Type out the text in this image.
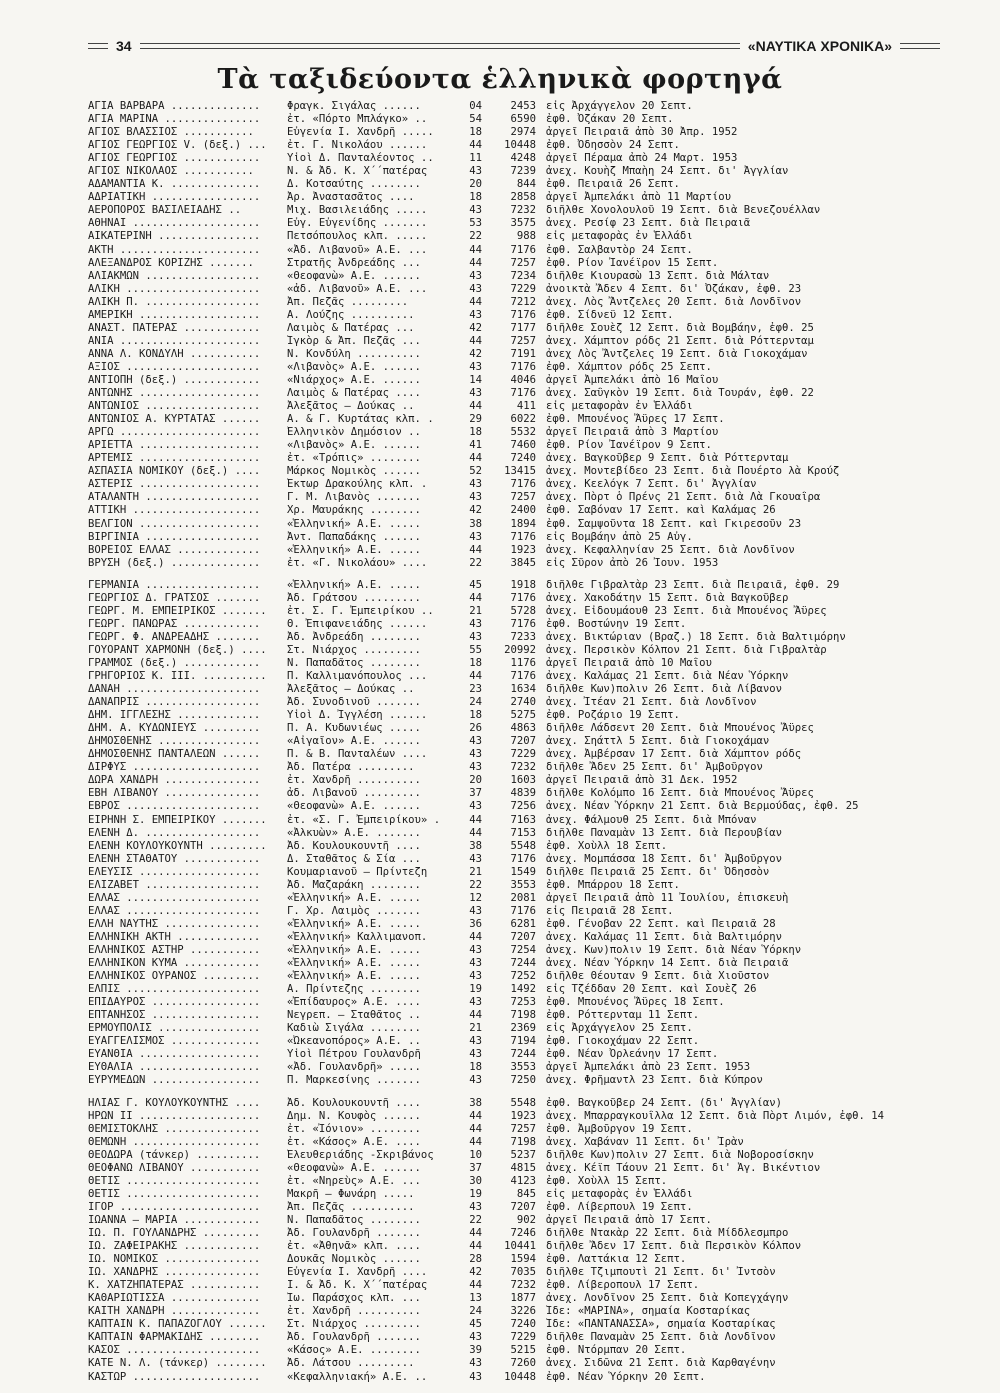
34	«ΝΑΥΤΙΚΑ ΧΡΟΝΙΚΑ»
Τὰ ταξιδεύοντα ἑλληνικὰ φορτηγά
ΑΓΙΑ ΒΑΡΒΑΡΑ ..............	Φραγκ. Σιγάλας ......	04	2453 εἰς Ἀρχάγγελον 20 Σεπτ.
ΑΓΙΑ ΜΑΡΙΝΑ ...............	ἐτ. «Πόρτο Μπλάγκο» ..	54	6590 ἐφθ. Ὀζάκαν 20 Σεπτ.
ΑΓΙΟΣ ΒΛΑΣΣΙΟΣ ...........	Εὐγενία Ι. Χανδρῆ .....	18	2974 ἀργεῖ Πειραιᾶ ἀπὸ 30 Ἀπρ. 1952
ΑΓΙΟΣ ΓΕΩΡΓΙΟΣ V. (δεξ.) ...	ἐτ. Γ. Νικολάου ......	44	10448 ἐφθ. Ὀδησσὸν 24 Σεπτ.
ΑΓΙΟΣ ΓΕΩΡΓΙΟΣ ............	Υἱοὶ Δ. Πανταλέοντος ..	11	4248 ἀργεῖ Πέραμα ἀπὸ 24 Μαρτ. 1953
ΑΓΙΟΣ ΝΙΚΟΛΑΟΣ ...........	Ν. & Ἀδ. Κ. Χ΄΄πατέρας	43	7239 ἀνεχ. Κουὴζ Μπαὴη 24 Σεπτ. δι' Ἀγγλίαν
ΑΔΑΜΑΝΤΙΑ Κ. ..............	Δ. Κοτσαύτης ........	20	844 ἐφθ. Πειραιᾶ 26 Σεπτ.
ΑΔΡΙΑΤΙΚΗ .................	Ἀρ. Ἀναστασᾶτος ....	18	2858 ἀργεῖ Ἀμπελάκι ἀπὸ 11 Μαρτίου
ΑΕΡΟΠΟΡΟΣ ΒΑΣΙΛΕΙΑΔΗΣ ..	Μιχ. Βασιλειάδης .....	43	7232 διῆλθε Χονολουλοῦ 19 Σεπτ. διὰ Βενεζουέλλαν
ΑΘΗΝΑΙ ....................	Εὐγ. Εὐγενίδης .......	53	3575 ἀνεχ. Ρεσίφ 23 Σεπτ. διὰ Πειραιᾶ
ΑΙΚΑΤΕΡΙΝΗ ................	Πετσόπουλος κλπ. .....	22	988 εἰς μεταφορὰς ἐν Ἑλλάδι
ΑΚΤΗ ......................	«Ἀδ. Λιβανοῦ» Α.Ε. ...	44	7176 ἐφθ. Σαλβαντὸρ 24 Σεπτ.
ΑΛΕΞΑΝΔΡΟΣ ΚΟΡΙΖΗΣ .......	Στρατῆς Ἀνδρεάδης ...	44	7257 ἐφθ. Ρίον Ἰανέϊρον 15 Σεπτ.
ΑΛΙΑΚΜΩΝ ..................	«Θεοφανὼ» Α.Ε. ......	43	7234 διῆλθε Κιουρασὼ 13 Σεπτ. διὰ Μάλταν
ΑΛΙΚΗ .....................	«ἀδ. Λιβανοῦ» Α.Ε. ...	43	7229 ἀνοικτὰ Ἄδεν 4 Σεπτ. δι' Ὀζάκαν, ἐφθ. 23
ΑΛΙΚΗ Π. ..................	Ἀπ. Πεζᾶς .........	44	7212 ἀνεχ. Λὸς Ἄντζελες 20 Σεπτ. διὰ Λονδῖνον
ΑΜΕΡΙΚΗ ...................	Α. Λούζης ..........	43	7176 ἐφθ. Σίδνεϋ 12 Σεπτ.
ΑΝΑΣΤ. ΠΑΤΕΡΑΣ ............	Λαιμὸς & Πατέρας ...	42	7177 διῆλθε Σουὲζ 12 Σεπτ. διὰ Βομβάην, ἐφθ. 25
ΑΝΙΑ ......................	Ἴγκὸρ & Ἀπ. Πεζᾶς ...	44	7257 ἀνεχ. Χάμπτον ρόδς 21 Σεπτ. διὰ Ρόττερνταμ
ΑΝΝΑ Λ. ΚΟΝΔΥΛΗ ...........	Ν. Κονδύλη ..........	42	7191 ἀνεχ Λὸς Ἄντζελες 19 Σεπτ. διὰ Γιοκοχάμαν
ΑΞΙΟΣ .....................	«Λιβανὸς» Α.Ε. ......	43	7176 ἐφθ. Χάμπτον ρόδς 25 Σεπτ.
ΑΝΤΙΟΠΗ (δεξ.) ............	«Νιάρχος» Α.Ε. ......	14	4046 ἀργεῖ Ἀμπελάκι ἀπὸ 16 Μαΐου
ΑΝΤΩΝΗΣ ...................	Λαιμὸς & Πατέρας ....	43	7176 ἀνεχ. Σαΰγκὸν 19 Σεπτ. διὰ Τουράν, ἐφθ. 22
ΑΝΤΩΝΙΟΣ ..................	Ἀλεξᾶτος — Δούκας ..	44	411 εἰς μεταφορὰν ἐν Ἑλλάδι
ΑΝΤΩΝΙΟΣ Α. ΚΥΡΤΑΤΑΣ ......	Α. & Γ. Κυρτάτας κλπ. .	29	6022 ἐφθ. Μπουένος Ἄϋρες 17 Σεπτ.
ΑΡΓΩ ......................	Ἑλληνικὸν Δημόσιον ..	18	5532 ἀργεῖ Πειραιᾶ ἀπὸ 3 Μαρτίου
ΑΡΙΕΤΤΑ ...................	«Λιβανὸς» Α.Ε. ......	41	7460 ἐφθ. Ρίον Ἰανέϊρον 9 Σεπτ.
ΑΡΤΕΜΙΣ ...................	ἐτ. «Τρόπις» ........	44	7240 ἀνεχ. Βαγκοῦβερ 9 Σεπτ. διὰ Ρόττερνταμ
ΑΣΠΑΣΙΑ ΝΟΜΙΚΟΥ (δεξ.) ....	Μάρκος Νομικὸς ......	52	13415 ἀνεχ. Μοντεβίδεο 23 Σεπτ. διὰ Πουέρτο λὰ Κρούζ
ΑΣΤΕΡΙΣ ...................	Ἕκτωρ Δρακούλης κλπ. .	43	7176 ἀνεχ. Κεελόγκ 7 Σεπτ. δι' Ἀγγλίαν
ΑΤΑΛΑΝΤΗ ..................	Γ. Μ. Λιβανὸς .......	43	7257 ἀνεχ. Πὸρτ ὁ Πρένς 21 Σεπτ. διὰ Λὰ Γκουαΐρα
ΑΤΤΙΚΗ ....................	Χρ. Μαυράκης ........	42	2400 ἐφθ. Σαβόναν 17 Σεπτ. καὶ Καλάμας 26
ΒΕΛΓΙΟΝ ...................	«Ἑλληνική» Α.Ε. .....	38	1894 ἐφθ. Σαμψοῦντα 18 Σεπτ. καὶ Γκιρεσοῦν 23
ΒΙΡΓΙΝΙΑ ..................	Ἀντ. Παπαδάκης ......	43	7176 εἰς Βομβάην ἀπὸ 25 Αὐγ.
ΒΟΡΕΙΟΣ ΕΛΛΑΣ .............	«Ἑλληνική» Α.Ε. .....	44	1923 ἀνεχ. Κεφαλληνίαν 25 Σεπτ. διὰ Λονδῖνον
ΒΡΥΣΗ (δεξ.) ..............	ἐτ. «Γ. Νικολάου» ....	22	3845 εἰς Σῦρον ἀπὸ 26 Ἰουν. 1953
ΓΕΡΜΑΝΙΑ ..................	«Ἑλληνική» Α.Ε. .....	45	1918 διῆλθε Γιβραλτὰρ 23 Σεπτ. διὰ Πειραιᾶ, ἐφθ. 29
ΓΕΩΡΓΙΟΣ Δ. ΓΡΑΤΣΟΣ .......	Ἀδ. Γράτσου .........	44	7176 ἀνεχ. Χακοδάτην 15 Σεπτ. διὰ Βαγκοῦβερ
ΓΕΩΡΓ. Μ. ΕΜΠΕΙΡΙΚΟΣ .......	ἐτ. Σ. Γ. Ἐμπειρίκου ..	21	5728 ἀνεχ. Εἰδουμάουθ 23 Σεπτ. διὰ Μπουένος Ἄϋρες
ΓΕΩΡΓ. ΠΑΝΩΡΑΣ ............	Θ. Ἐπιφανειάδης ......	43	7176 ἐφθ. Βοστώνην 19 Σεπτ.
ΓΕΩΡΓ. Φ. ΑΝΔΡΕΑΔΗΣ .......	Ἀδ. Ἀνδρεάδη ........	43	7233 ἀνεχ. Βικτώριαν (Βραζ.) 18 Σεπτ. διὰ Βαλτιμόρην
ΓΟΥΟΡΑΝΤ ΧΑΡΜΟΝΗ (δεξ.) ....	Στ. Νιάρχος .........	55	20992 ἀνεχ. Περσικὸν Κόλπον 21 Σεπτ. διὰ Γιβραλτὰρ
ΓΡΑΜΜΟΣ (δεξ.) ............	Ν. Παπαδᾶτος ........	18	1176 ἀργεῖ Πειραιᾶ ἀπὸ 10 Μαΐου
ΓΡΗΓΟΡΙΟΣ Κ. ΙΙΙ. ..........	Π. Καλλιμανόπουλος ...	44	7176 ἀνεχ. Καλάμας 21 Σεπτ. διὰ Νέαν Ὑόρκην
ΔΑΝΑΗ .....................	Ἀλεξᾶτος — Δούκας ..	23	1634 διῆλθε Κων)πολιν 26 Σεπτ. διὰ Λίβανον
ΔΑΝΑΠΡΙΣ ..................	Ἀδ. Συνοδινοῦ .......	24	2740 ἀνεχ. Ἰτέαν 21 Σεπτ. διὰ Λονδῖνον
ΔΗΜ. ΙΓΓΛΕΣΗΣ .............	Υἱοὶ Δ. Ἰγγλέση ......	18	5275 ἐφθ. Ροζάριο 19 Σεπτ.
ΔΗΜ. Α. ΚΥΔΩΝΙΕΥΣ .........	Π. Α. Κυδωνιέως .....	26	4863 διῆλθε Λάδσεντ 20 Σεπτ. διὰ Μπουένος Ἄϋρες
ΔΗΜΟΣΘΕΝΗΣ ................	«Αἰγαῖον» Α.Ε. ......	43	7207 ἀνεχ. Σηάττλ 5 Σεπτ. διὰ Γιοκοχάμαν
ΔΗΜΟΣΘΕΝΗΣ ΠΑΝΤΑΛΕΩΝ ......	Π. & Β. Πανταλέων ....	43	7229 ἀνεχ. Ἀμβέρσαν 17 Σεπτ. διὰ Χάμπτον ρόδς
ΔΙΡΦΥΣ ....................	Ἀδ. Πατέρα .........	43	7232 διῆλθε Ἄδεν 25 Σεπτ. δι' Ἀμβοῦργον
ΔΩΡΑ ΧΑΝΔΡΗ ...............	ἐτ. Χανδρῆ ..........	20	1603 ἀργεῖ Πειραιᾶ ἀπὸ 31 Δεκ. 1952
ΕΒΗ ΛΙΒΑΝΟΥ ...............	ἀδ. Λιβανοῦ .........	37	4839 διῆλθε Κολόμπο 16 Σεπτ. διὰ Μπουένος Ἄϋρες
ΕΒΡΟΣ .....................	«Θεοφανὼ» Α.Ε. ......	43	7256 ἀνεχ. Νέαν Ὑόρκην 21 Σεπτ. διὰ Βερμούδας, ἐφθ. 25
ΕΙΡΗΝΗ Σ. ΕΜΠΕΙΡΙΚΟΥ .......	ἐτ. «Σ. Γ. Ἐμπειρίκου» .	44	7163 ἀνεχ. Φάλμουθ 25 Σεπτ. διὰ Μπόναν
ΕΛΕΝΗ Δ. ..................	«Ἀλκυὼν» Α.Ε. .......	44	7153 διῆλθε Παναμὰν 13 Σεπτ. διὰ Περουβίαν
ΕΛΕΝΗ ΚΟΥΛΟΥΚΟΥΝΤΗ .........	Ἀδ. Κουλουκουντῆ ....	38	5548 ἐφθ. Χοὺλλ 18 Σεπτ.
ΕΛΕΝΗ ΣΤΑΘΑΤΟΥ ............	Δ. Σταθᾶτος & Σία ...	43	7176 ἀνεχ. Μομπάσσα 18 Σεπτ. δι' Ἀμβοῦργον
ΕΛΕΥΣΙΣ ...................	Κουμαριανοῦ — Πρίντεζη	21	1549 διῆλθε Πειραιᾶ 25 Σεπτ. δι' Ὀδησσὸν
ΕΛΙΖΑΒΕΤ ..................	Ἀδ. Μαζαράκη ........	22	3553 ἐφθ. Μπάρρου 18 Σεπτ.
ΕΛΛΑΣ .....................	«Ἑλληνική» Α.Ε. .....	12	2081 ἀργεῖ Πειραιᾶ ἀπὸ 11 Ἰουλίου, ἐπισκευὴ
ΕΛΛΑΣ .....................	Γ. Χρ. Λαιμὸς .......	43	7176 εἰς Πειραιᾶ 28 Σεπτ.
ΕΛΛΗ ΝΑΥΤΗΣ ...............	«Ἑλληνική» Α.Ε. .....	36	6281 ἐφθ. Γένοβαν 22 Σεπτ. καὶ Πειραιᾶ 28
ΕΛΛΗΝΙΚΗ ΑΚΤΗ .............	«Ἑλληνική» Καλλιμανοπ.	44	7207 ἀνεχ. Καλάμας 11 Σεπτ. διὰ Βαλτιμόρην
ΕΛΛΗΝΙΚΟΣ ΑΣΤΗΡ ...........	«Ἑλληνική» Α.Ε. .....	43	7254 ἀνεχ. Κων)πολιν 19 Σεπτ. διὰ Νέαν Ὑόρκην
ΕΛΛΗΝΙΚΟΝ ΚΥΜΑ ............	«Ἑλληνική» Α.Ε. .....	43	7244 ἀνεχ. Νέαν Ὑόρκην 14 Σεπτ. διὰ Πειραιᾶ
ΕΛΛΗΝΙΚΟΣ ΟΥΡΑΝΟΣ .........	«Ἑλληνική» Α.Ε. .....	43	7252 διῆλθε Θέουταν 9 Σεπτ. διὰ Χιοῦστον
ΕΛΠΙΣ .....................	Α. Πρίντεζης ........	19	1492 εἰς Τζέδδαν 20 Σεπτ. καὶ Σουὲζ 26
ΕΠΙΔΑΥΡΟΣ .................	«Ἐπίδαυρος» Α.Ε. ....	43	7253 ἐφθ. Μπουένος Ἄϋρες 18 Σεπτ.
ΕΠΤΑΝΗΣΟΣ .................	Νεγρεπ. — Σταθᾶτος ..	44	7198 ἐφθ. Ρόττερνταμ 11 Σεπτ.
ΕΡΜΟΥΠΟΛΙΣ ................	Καδιὼ Σιγάλα ........	21	2369 εἰς Ἀρχάγγελον 25 Σεπτ.
ΕΥΑΓΓΕΛΙΣΜΟΣ ..............	«Ὠκεανοπόρος» Α.Ε. ..	43	7194 ἐφθ. Γιοκοχάμαν 22 Σεπτ.
ΕΥΑΝΘΙΑ ...................	Υἱοὶ Πέτρου Γουλανδρῆ	43	7244 ἐφθ. Νέαν Ὀρλεάνην 17 Σεπτ.
ΕΥΘΑΛΙΑ ...................	«Ἀδ. Γουλανδρῆ» .....	18	3553 ἀργεῖ Ἀμπελάκι ἀπὸ 23 Σεπτ. 1953
ΕΥΡΥΜΕΔΩΝ .................	Π. Μαρκεσίνης .......	43	7250 ἀνεχ. Φρῆμαντλ 23 Σεπτ. διὰ Κύπρον
ΗΛΙΑΣ Γ. ΚΟΥΛΟΥΚΟΥΝΤΗΣ ....	Ἀδ. Κουλουκουντῆ ....	38	5548 ἐφθ. Βαγκοῦβερ 24 Σεπτ. (δι' Ἀγγλίαν)
ΗΡΩΝ ΙΙ ...................	Δημ. Ν. Κουφὸς ......	44	1923 ἀνεχ. Μπαρραγκουΐλλα 12 Σεπτ. διὰ Πὸρτ Λιμόν, ἐφθ. 14
ΘΕΜΙΣΤΟΚΛΗΣ ...............	ἐτ. «Ἰόνιον» ........	44	7257 ἐφθ. Ἀμβοῦργον 19 Σεπτ.
ΘΕΜΩΝΗ ....................	ἐτ. «Κάσος» Α.Ε. ....	44	7198 ἀνεχ. Χαβάναν 11 Σεπτ. δι' Ἰρὰν
ΘΕΟΔΩΡΑ (τάνκερ) ..........	Ἐλευθεριάδης -Σκριβάνος	10	5237 διῆλθε Κων)πολιν 27 Σεπτ. διὰ Νοβοροσίσκην
ΘΕΟΦΑΝΩ ΛΙΒΑΝΟΥ ...........	«Θεοφανὼ» Α.Ε. ......	37	4815 ἀνεχ. Κέϊπ Τάουν 21 Σεπτ. δι' Ἁγ. Βικέντιον
ΘΕΤΙΣ .....................	ἐτ. «Νηρεὺς» Α.Ε. ...	30	4123 ἐφθ. Χοὺλλ 15 Σεπτ.
ΘΕΤΙΣ .....................	Μακρῆ — Φωνάρη .....	19	845 εἰς μεταφορὰς ἐν Ἑλλάδι
ΙΓΟΡ ......................	Ἀπ. Πεζᾶς ..........	43	7207 ἐφθ. Λίβερπουλ 19 Σεπτ.
ΙΩΑΝΝΑ — ΜΑΡΙΑ ............	Ν. Παπαδᾶτος ........	22	902 ἀργεῖ Πειραιᾶ ἀπὸ 17 Σεπτ.
ΙΩ. Π. ΓΟΥΛΑΝΔΡΗΣ .........	Ἀδ. Γουλανδρῆ .......	44	7246 διῆλθε Ντακὰρ 22 Σεπτ. διὰ Μίδδλεσμπρο
ΙΩ. ΖΑΦΕΙΡΑΚΗΣ ............	ἐτ. «Ἀθηνᾶ» κλπ. ....	44	10441 διῆλθε Ἄδεν 17 Σεπτ. διὰ Περσικὸν Κόλπον
ΙΩ. ΝΟΜΙΚΟΣ ...............	Δουκᾶς Νομικὸς ......	28	1594 ἐφθ. Λαττάκια 12 Σεπτ.
ΙΩ. ΧΑΝΔΡΗΣ ...............	Εὐγενία Ι. Χανδρῆ ....	42	7035 διῆλθε Τζιμπουτὶ 21 Σεπτ. δι' Ἰντσὸν
Κ. ΧΑΤΖΗΠΑΤΕΡΑΣ ...........	Ι. & Ἀδ. Κ. Χ΄΄πατέρας	44	7232 ἐφθ. Λίβεροπουλ 17 Σεπτ.
ΚΑΘΑΡΙΩΤΙΣΣΑ ..............	Ἰω. Παράσχος κλπ. ...	13	1877 ἀνεχ. Λονδῖνον 25 Σεπτ. διὰ Κοπεγχάγην
ΚΑΙΤΗ ΧΑΝΔΡΗ ..............	ἐτ. Χανδρῆ ..........	24	3226 Ἴδε: «ΜΑΡΙΝΑ», σημαία Κοσταρίκας
ΚΑΠΤΑΙΝ Κ. ΠΑΠΑΖΟΓΛΟΥ ......	Στ. Νιάρχος .........	45	7240 Ἴδε: «ΠΑΝΤΑΝΑΣΣΑ», σημαία Κοσταρίκας
ΚΑΠΤΑΙΝ ΦΑΡΜΑΚΙΔΗΣ ........	Ἀδ. Γουλανδρῆ .......	43	7229 διῆλθε Παναμὰν 25 Σεπτ. διὰ Λονδῖνον
ΚΑΣΟΣ .....................	«Κάσος» Α.Ε. ........	39	5215 ἐφθ. Ντόρμπαν 20 Σεπτ.
ΚΑΤΕ Ν. Λ. (τάνκερ) ........	Ἀδ. Λάτσου .........	43	7260 ἀνεχ. Σιδῶνα 21 Σεπτ. διὰ Καρθαγένην
ΚΑΣΤΩΡ ....................	«Κεφαλληνιακή» Α.Ε. ..	43	10448 ἐφθ. Νέαν Ὑόρκην 20 Σεπτ.
